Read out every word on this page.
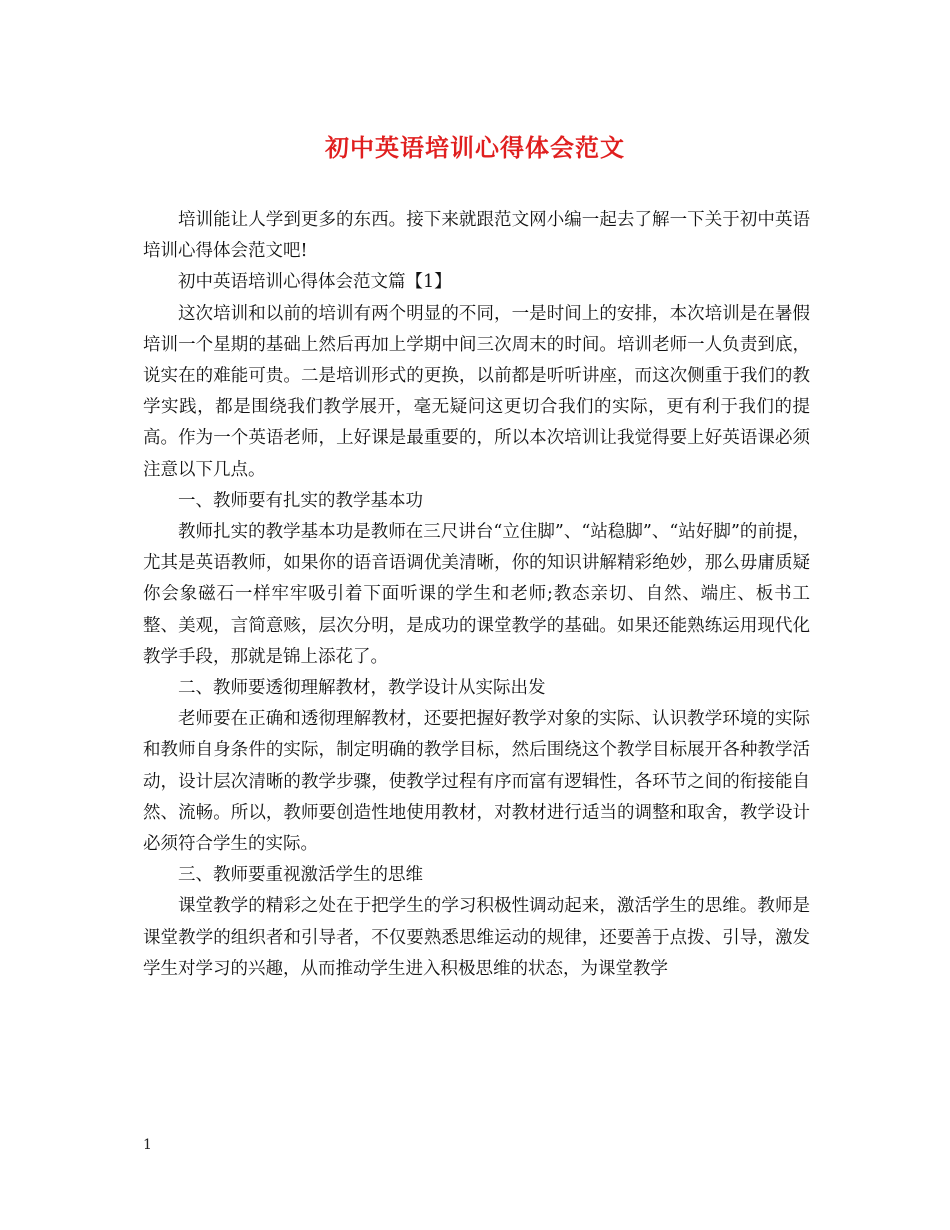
初中英语培训心得体会范文

培训能让人学到更多的东西。接下来就跟范文网小编一起去了解一下关于初中英语培训心得体会范文吧!

初中英语培训心得体会范文篇【1】

这次培训和以前的培训有两个明显的不同，一是时间上的安排，本次培训是在暑假培训一个星期的基础上然后再加上学期中间三次周末的时间。培训老师一人负责到底，说实在的难能可贵。二是培训形式的更换，以前都是听听讲座，而这次侧重于我们的教学实践，都是围绕我们教学展开，毫无疑问这更切合我们的实际，更有利于我们的提高。作为一个英语老师，上好课是最重要的，所以本次培训让我觉得要上好英语课必须注意以下几点。

一、教师要有扎实的教学基本功

教师扎实的教学基本功是教师在三尺讲台“立住脚”、“站稳脚”、“站好脚”的前提，尤其是英语教师，如果你的语音语调优美清晰，你的知识讲解精彩绝妙，那么毋庸质疑你会象磁石一样牢牢吸引着下面听课的学生和老师;教态亲切、自然、端庄、板书工整、美观，言简意赅，层次分明，是成功的课堂教学的基础。如果还能熟练运用现代化教学手段，那就是锦上添花了。

二、教师要透彻理解教材，教学设计从实际出发

老师要在正确和透彻理解教材，还要把握好教学对象的实际、认识教学环境的实际和教师自身条件的实际，制定明确的教学目标，然后围绕这个教学目标展开各种教学活动，设计层次清晰的教学步骤，使教学过程有序而富有逻辑性，各环节之间的衔接能自然、流畅。所以，教师要创造性地使用教材，对教材进行适当的调整和取舍，教学设计必须符合学生的实际。

三、教师要重视激活学生的思维

课堂教学的精彩之处在于把学生的学习积极性调动起来，激活学生的思维。教师是课堂教学的组织者和引导者，不仅要熟悉思维运动的规律，还要善于点拨、引导，激发学生对学习的兴趣，从而推动学生进入积极思维的状态，为课堂教学

1
